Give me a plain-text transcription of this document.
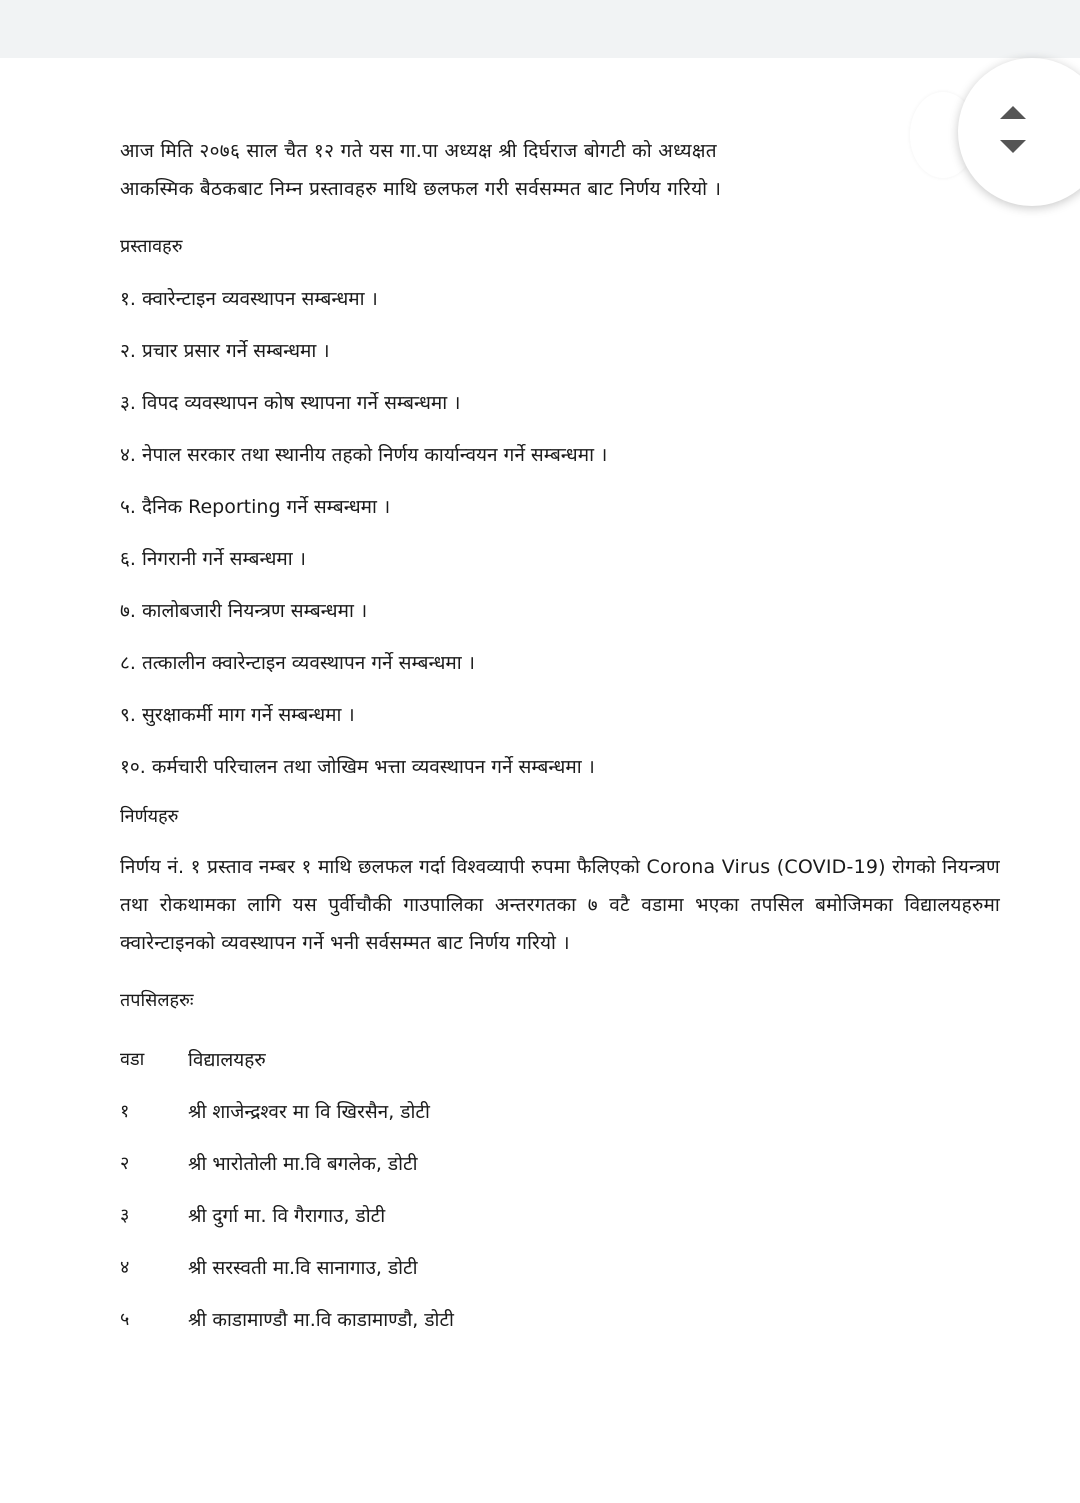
आज मिति २०७६ साल चैत १२ गते यस गा.पा अध्यक्ष श्री दिर्घराज बोगटी को अध्यक्षत
आकस्मिक बैठकबाट निम्न प्रस्तावहरु माथि छलफल गरी सर्वसम्मत बाट निर्णय गरियो ।

प्रस्तावहरु

१. क्वारेन्टाइन व्यवस्थापन सम्बन्धमा ।

२. प्रचार प्रसार गर्ने सम्बन्धमा ।

३. विपद व्यवस्थापन कोष स्थापना गर्ने सम्बन्धमा ।

४. नेपाल सरकार तथा स्थानीय तहको निर्णय कार्यान्वयन गर्ने सम्बन्धमा ।

५. दैनिक Reporting गर्ने सम्बन्धमा ।

६. निगरानी गर्ने सम्बन्धमा ।

७. कालोबजारी नियन्त्रण सम्बन्धमा ।

८. तत्कालीन क्वारेन्टाइन व्यवस्थापन गर्ने सम्बन्धमा ।

९. सुरक्षाकर्मी माग गर्ने सम्बन्धमा ।

१०. कर्मचारी परिचालन तथा जोखिम भत्ता व्यवस्थापन गर्ने सम्बन्धमा ।

निर्णयहरु

निर्णय नं. १ प्रस्ताव नम्बर १ माथि छलफल गर्दा विश्वव्यापी रुपमा फैलिएको Corona Virus (COVID-19) रोगको नियन्त्रण तथा रोकथामका लागि यस पुर्वीचौकी गाउपालिका अन्तरगतका ७ वटै वडामा भएका तपसिल बमोजिमका विद्यालयहरुमा क्वारेन्टाइनको व्यवस्थापन गर्ने भनी सर्वसम्मत बाट निर्णय गरियो ।

तपसिलहरुः

वडा	विद्यालयहरु
१	श्री शाजेन्द्रश्वर मा वि खिरसैन, डोटी
२	श्री भारोतोली मा.वि बगलेक, डोटी
३	श्री दुर्गा मा. वि गैरागाउ, डोटी
४	श्री सरस्वती मा.वि सानागाउ, डोटी
५	श्री काडामाण्डौ मा.वि काडामाण्डौ, डोटी
